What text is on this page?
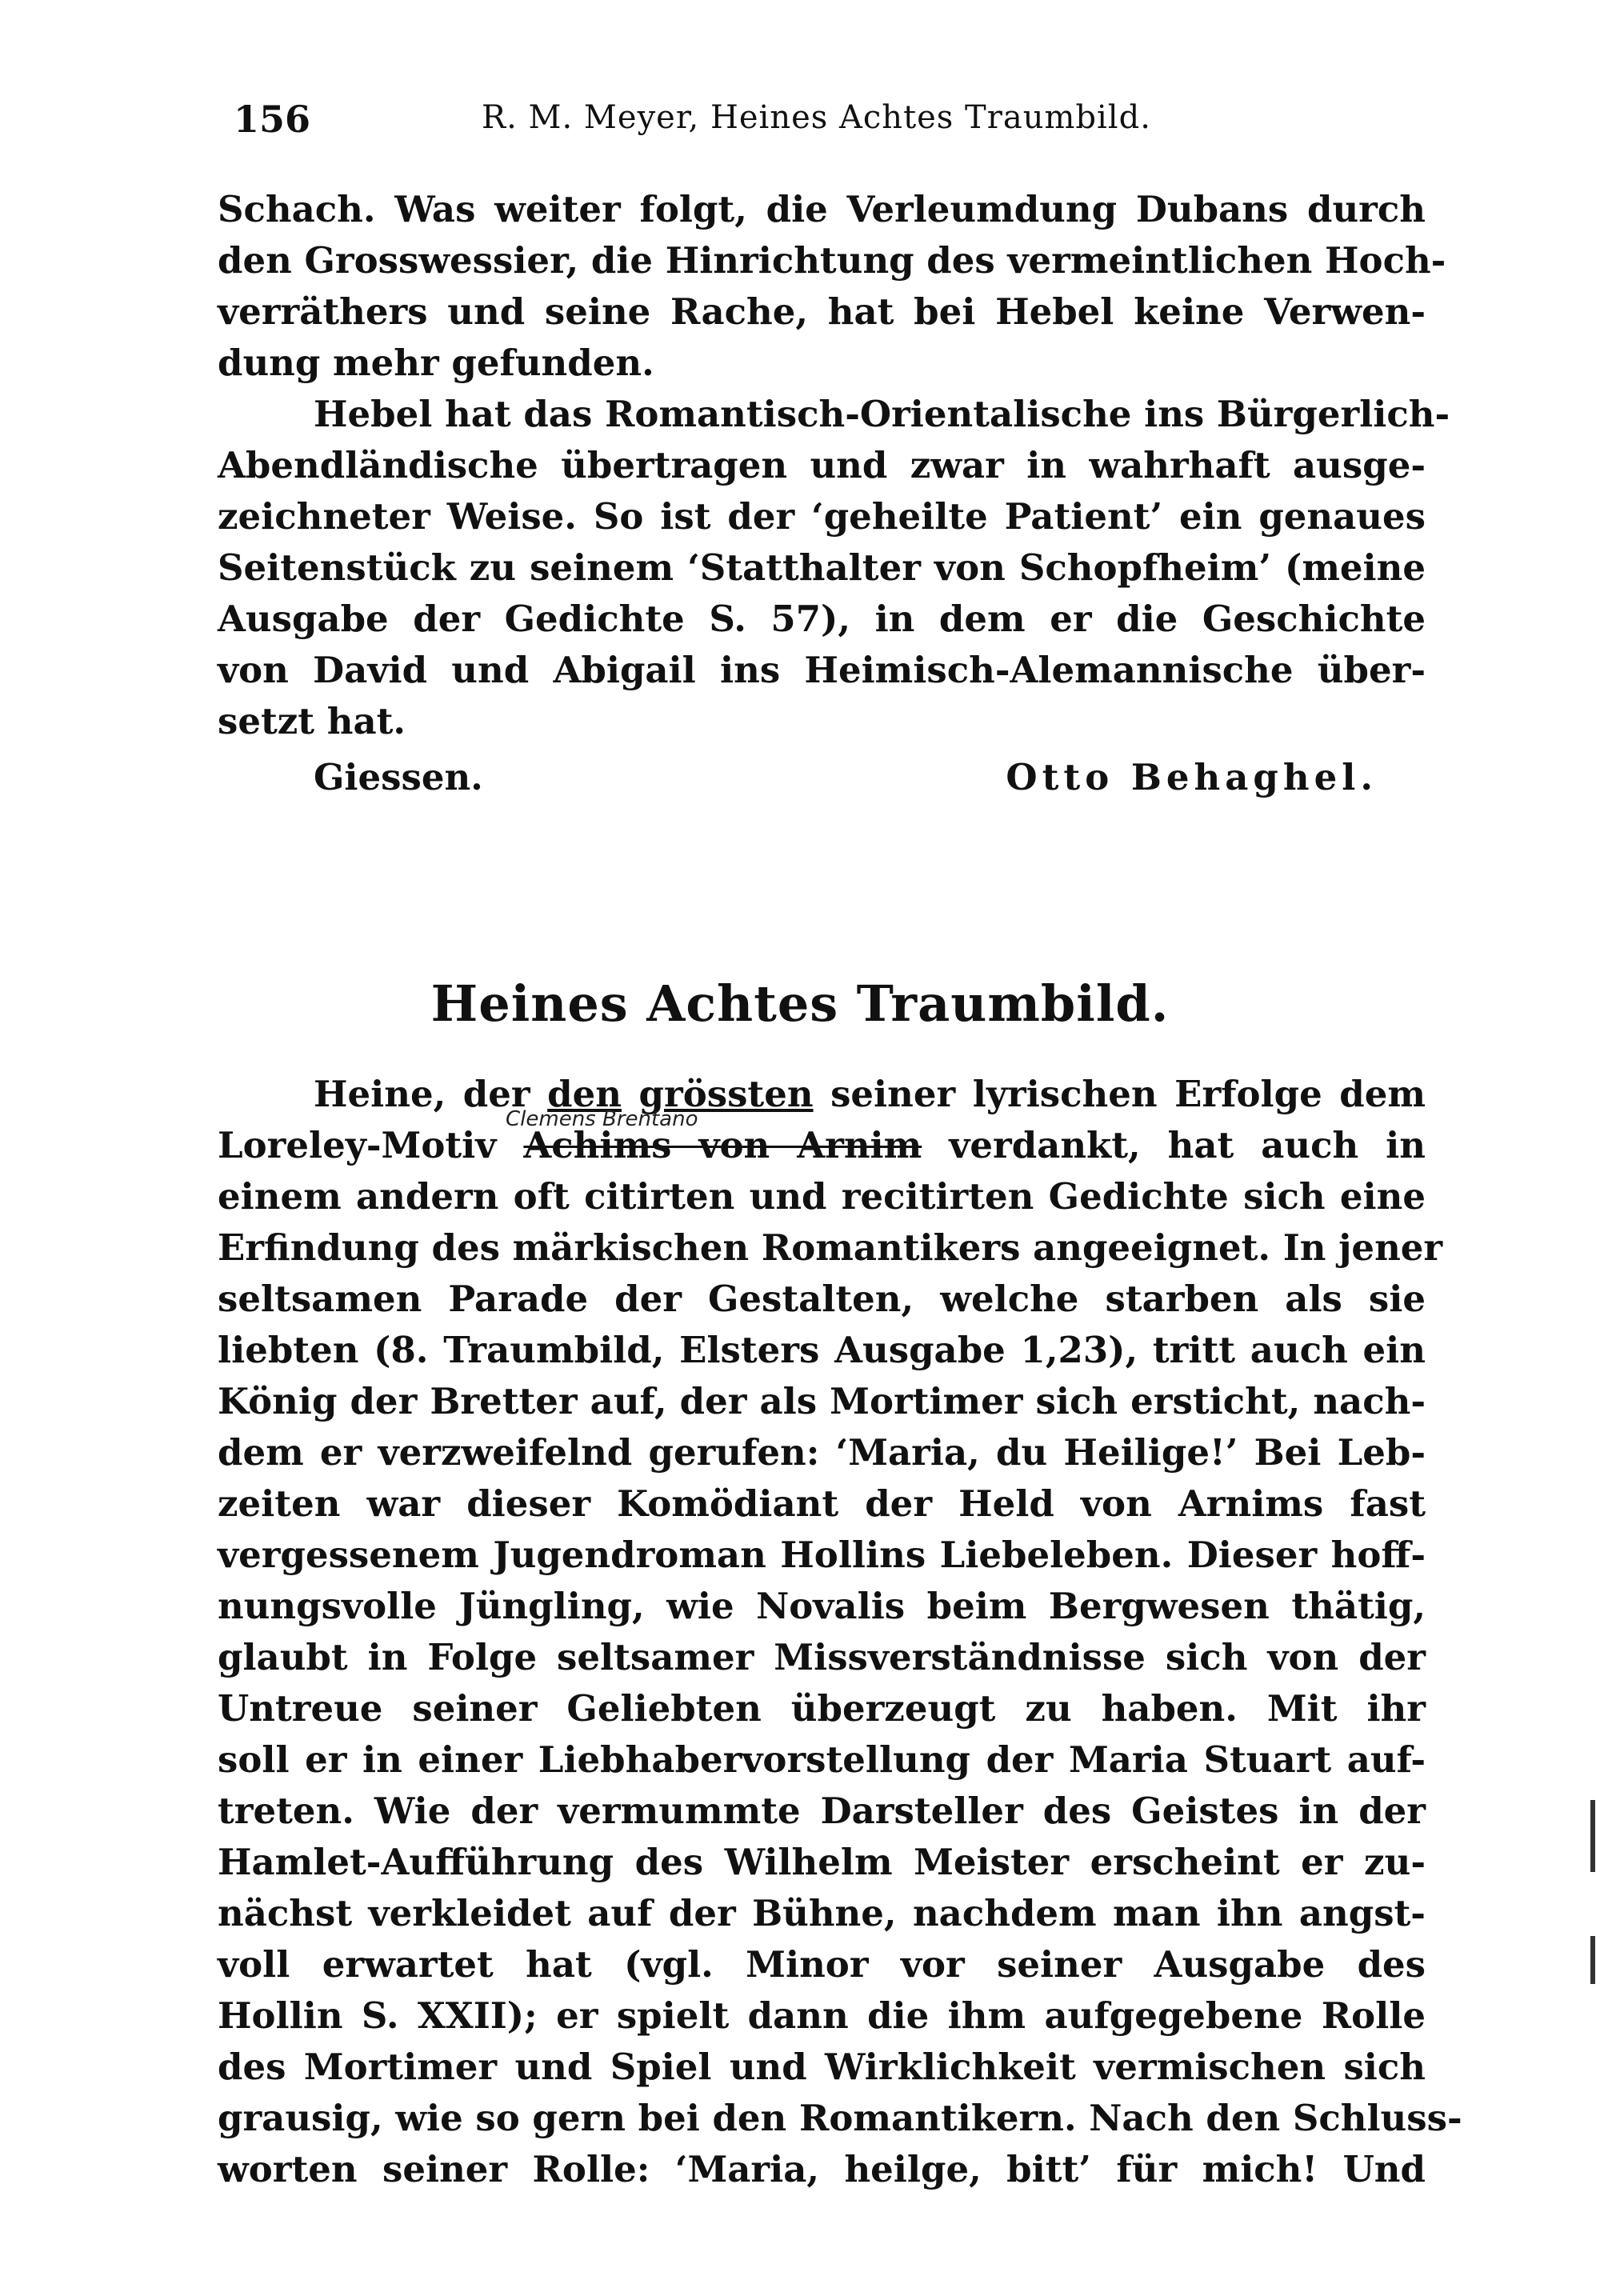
156	R. M. Meyer, Heines Achtes Traumbild.
Schach. Was weiter folgt, die Verleumdung Dubans durch
den Grosswessier, die Hinrichtung des vermeintlichen Hoch-
verräthers und seine Rache, hat bei Hebel keine Verwen-
dung mehr gefunden.
Hebel hat das Romantisch-Orientalische ins Bürgerlich-
Abendländische übertragen und zwar in wahrhaft ausge-
zeichneter Weise. So ist der ‘geheilte Patient’ ein genaues
Seitenstück zu seinem ‘Statthalter von Schopfheim’ (meine
Ausgabe der Gedichte S. 57), in dem er die Geschichte
von David und Abigail ins Heimisch-Alemannische über-
setzt hat.
Giessen.	Otto Behaghel.
Heines Achtes Traumbild.
Heine, der den grössten seiner lyrischen Erfolge dem
Clemens Brentano
Loreley-Motiv Achims von Arnim verdankt, hat auch in
einem andern oft citirten und recitirten Gedichte sich eine
Erfindung des märkischen Romantikers angeeignet. In jener
seltsamen Parade der Gestalten, welche starben als sie
liebten (8. Traumbild, Elsters Ausgabe 1,23), tritt auch ein
König der Bretter auf, der als Mortimer sich ersticht, nach-
dem er verzweifelnd gerufen: ‘Maria, du Heilige!’ Bei Leb-
zeiten war dieser Komödiant der Held von Arnims fast
vergessenem Jugendroman Hollins Liebeleben. Dieser hoff-
nungsvolle Jüngling, wie Novalis beim Bergwesen thätig,
glaubt in Folge seltsamer Missverständnisse sich von der
Untreue seiner Geliebten überzeugt zu haben. Mit ihr
soll er in einer Liebhabervorstellung der Maria Stuart auf-
treten. Wie der vermummte Darsteller des Geistes in der
Hamlet-Aufführung des Wilhelm Meister erscheint er zu-
nächst verkleidet auf der Bühne, nachdem man ihn angst-
voll erwartet hat (vgl. Minor vor seiner Ausgabe des
Hollin S. XXII); er spielt dann die ihm aufgegebene Rolle
des Mortimer und Spiel und Wirklichkeit vermischen sich
grausig, wie so gern bei den Romantikern. Nach den Schluss-
worten seiner Rolle: ‘Maria, heilge, bitt’ für mich! Und
